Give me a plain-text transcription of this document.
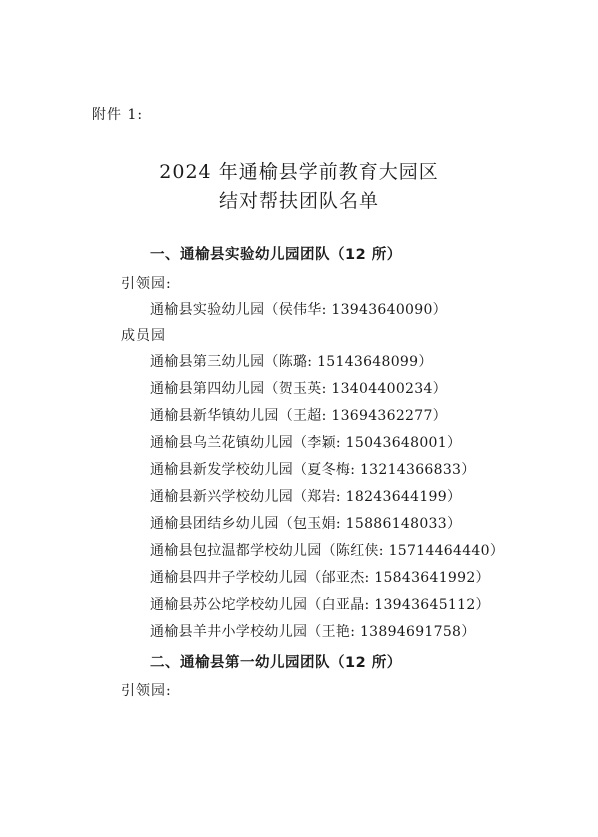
附件 1:
2024 年通榆县学前教育大园区
结对帮扶团队名单
一、通榆县实验幼儿园团队（12 所）
引领园:
通榆县实验幼儿园（侯伟华: 13943640090）
成员园
通榆县第三幼儿园（陈璐: 15143648099）
通榆县第四幼儿园（贺玉英: 13404400234）
通榆县新华镇幼儿园（王超: 13694362277）
通榆县乌兰花镇幼儿园（李颖: 15043648001）
通榆县新发学校幼儿园（夏冬梅: 13214366833）
通榆县新兴学校幼儿园（郑岩: 18243644199）
通榆县团结乡幼儿园（包玉娟: 15886148033）
通榆县包拉温都学校幼儿园（陈红侠: 15714464440）
通榆县四井子学校幼儿园（邰亚杰: 15843641992）
通榆县苏公坨学校幼儿园（白亚晶: 13943645112）
通榆县羊井小学校幼儿园（王艳: 13894691758）
二、通榆县第一幼儿园团队（12 所）
引领园:
